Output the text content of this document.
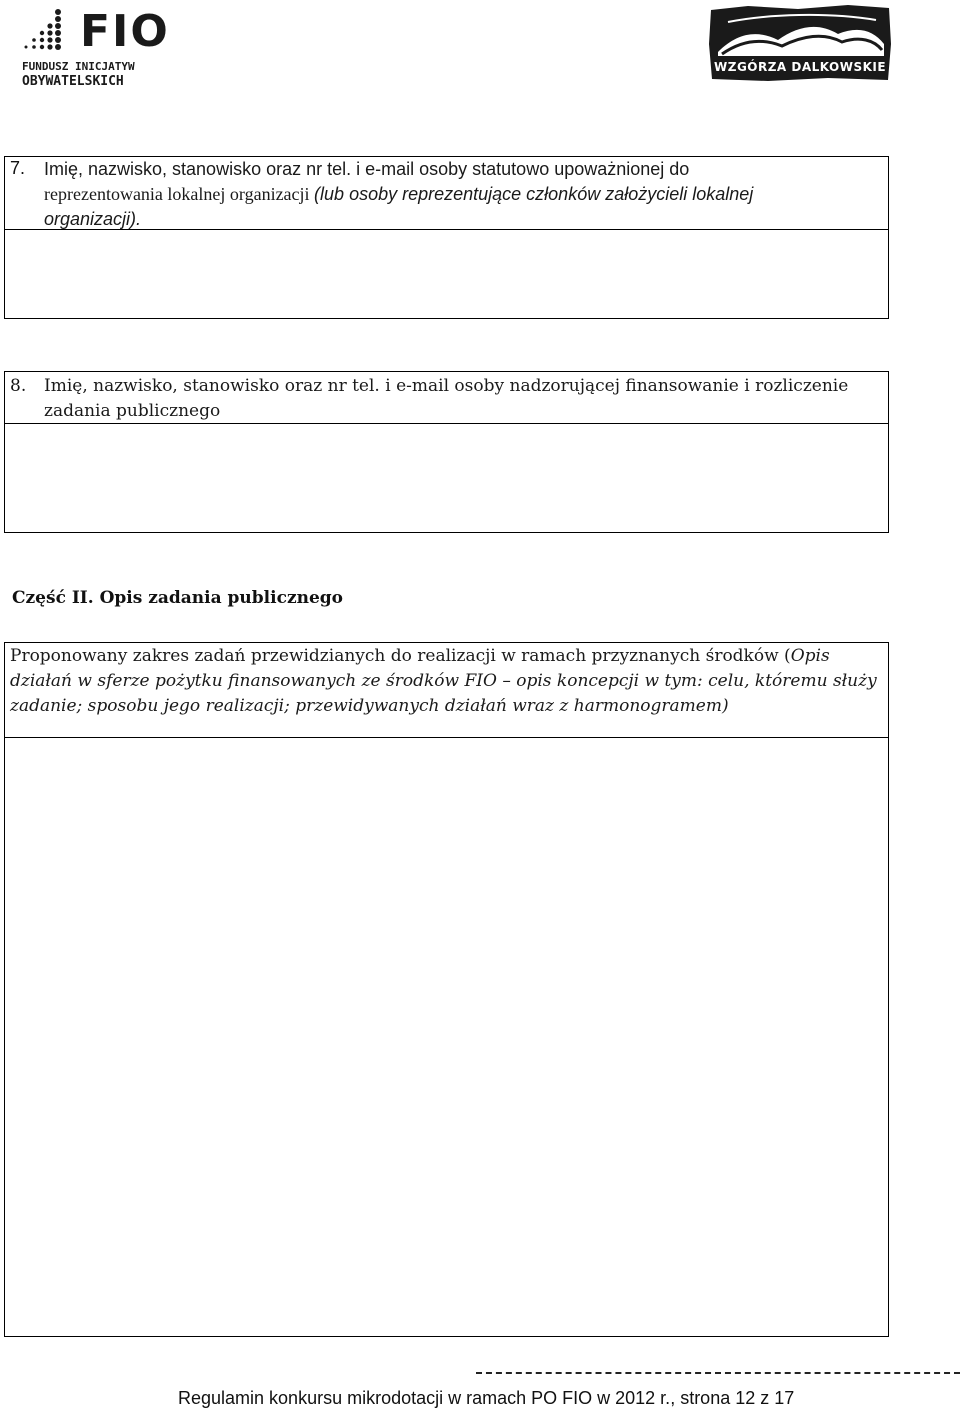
FIO
FUNDUSZ INICJATYW
OBYWATELSKICH
WZGÓRZA DALKOWSKIE
7. Imię, nazwisko, stanowisko oraz nr tel. i e-mail osoby statutowo upoważnionej do
reprezentowania lokalnej organizacji (lub osoby reprezentujące członków założycieli lokalnej
organizacji).
8. Imię, nazwisko, stanowisko oraz nr tel. i e-mail osoby nadzorującej finansowanie i rozliczenie
zadania publicznego
Część II. Opis zadania publicznego
Proponowany zakres zadań przewidzianych do realizacji w ramach przyznanych środków (Opis
działań w sferze pożytku finansowanych ze środków FIO – opis koncepcji w tym: celu, któremu służy
zadanie; sposobu jego realizacji; przewidywanych działań wraz z harmonogramem)
Regulamin konkursu mikrodotacji w ramach PO FIO w 2012 r., strona 12 z 17
